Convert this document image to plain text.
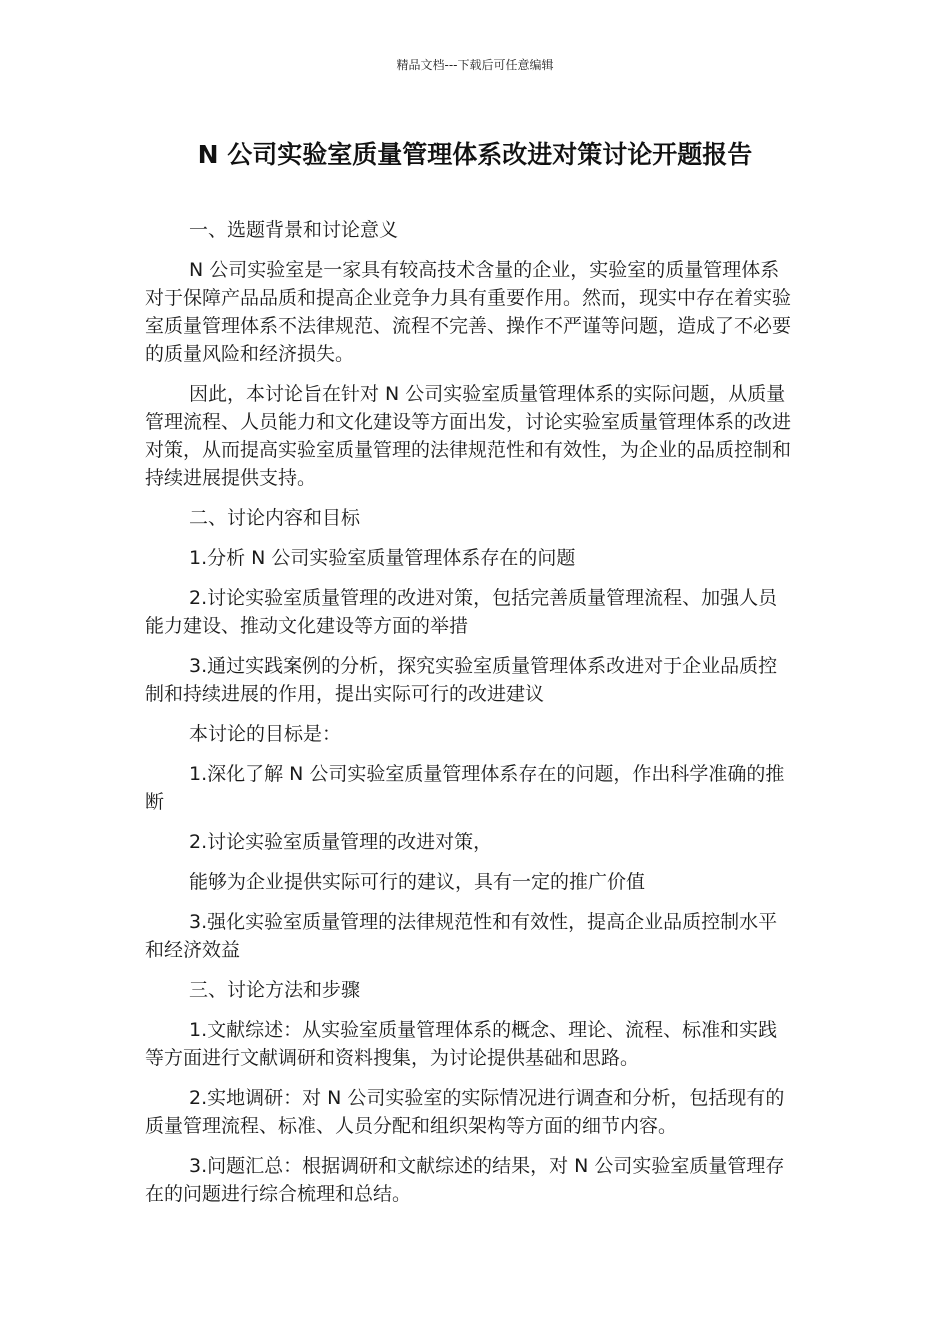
精品文档---下载后可任意编辑
N 公司实验室质量管理体系改进对策讨论开题报告

一、选题背景和讨论意义

N 公司实验室是一家具有较高技术含量的企业，实验室的质量管理体系对于保障产品品质和提高企业竞争力具有重要作用。然而，现实中存在着实验室质量管理体系不法律规范、流程不完善、操作不严谨等问题，造成了不必要的质量风险和经济损失。

因此，本讨论旨在针对 N 公司实验室质量管理体系的实际问题，从质量管理流程、人员能力和文化建设等方面出发，讨论实验室质量管理体系的改进对策，从而提高实验室质量管理的法律规范性和有效性，为企业的品质控制和持续进展提供支持。

二、讨论内容和目标

1.分析 N 公司实验室质量管理体系存在的问题

2.讨论实验室质量管理的改进对策，包括完善质量管理流程、加强人员能力建设、推动文化建设等方面的举措

3.通过实践案例的分析，探究实验室质量管理体系改进对于企业品质控制和持续进展的作用，提出实际可行的改进建议

本讨论的目标是：

1.深化了解 N 公司实验室质量管理体系存在的问题，作出科学准确的推断

2.讨论实验室质量管理的改进对策，

能够为企业提供实际可行的建议，具有一定的推广价值

3.强化实验室质量管理的法律规范性和有效性，提高企业品质控制水平和经济效益

三、讨论方法和步骤

1.文献综述：从实验室质量管理体系的概念、理论、流程、标准和实践等方面进行文献调研和资料搜集，为讨论提供基础和思路。

2.实地调研：对 N 公司实验室的实际情况进行调查和分析，包括现有的质量管理流程、标准、人员分配和组织架构等方面的细节内容。

3.问题汇总：根据调研和文献综述的结果，对 N 公司实验室质量管理存在的问题进行综合梳理和总结。
